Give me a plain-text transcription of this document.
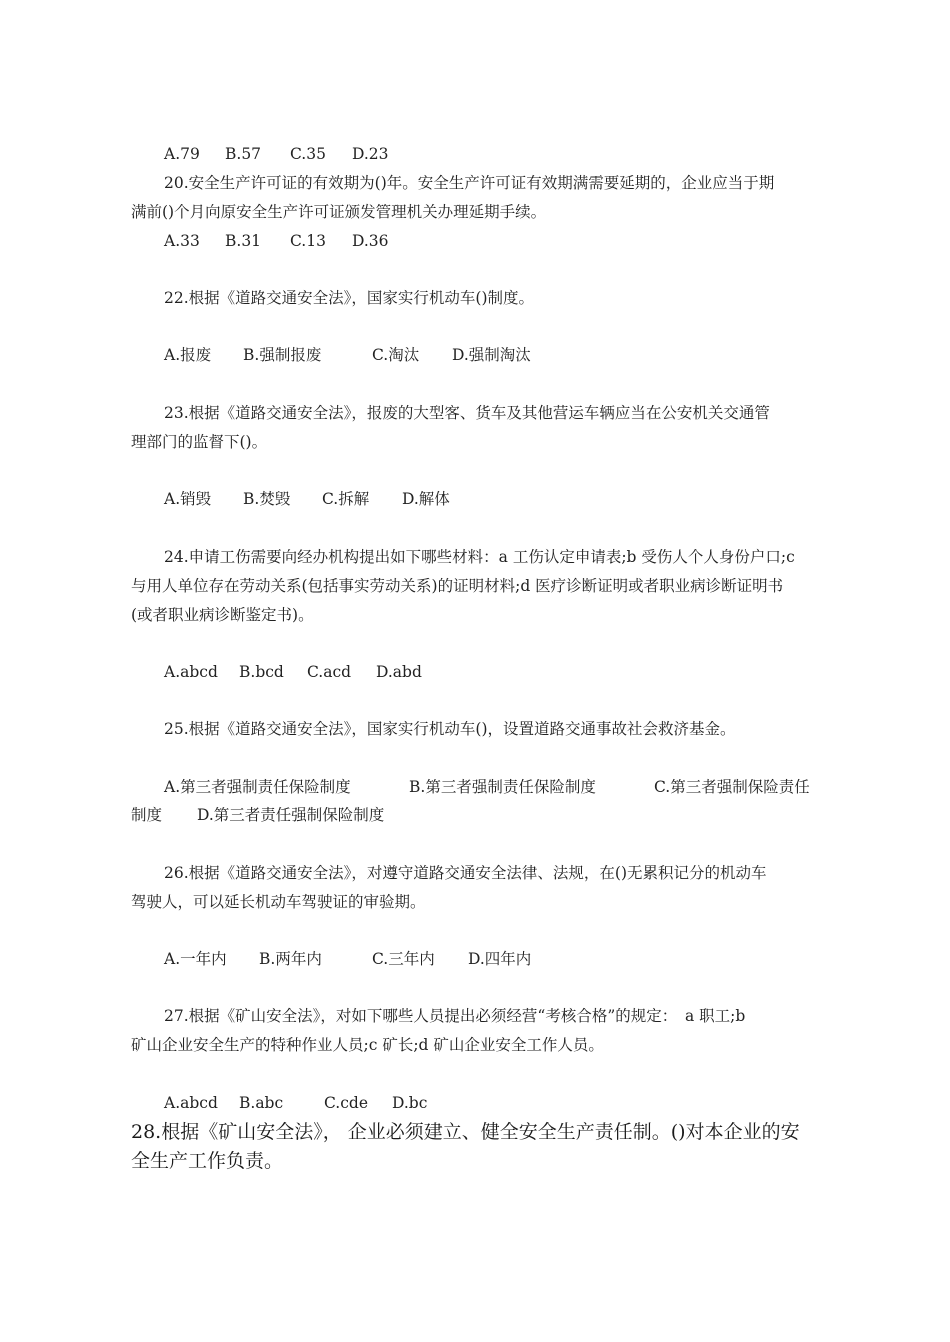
A.79 B.57 C.35 D.23
20.安全生产许可证的有效期为()年。安全生产许可证有效期满需要延期的，企业应当于期
满前()个月向原安全生产许可证颁发管理机关办理延期手续。
A.33 B.31 C.13 D.36
22.根据《道路交通安全法》，国家实行机动车()制度。
A.报废 B.强制报废	C.淘汰 D.强制淘汰
23.根据《道路交通安全法》，报废的大型客、货车及其他营运车辆应当在公安机关交通管
理部门的监督下()。
A.销毁 B.焚毁 C.拆解 D.解体
24.申请工伤需要向经办机构提出如下哪些材料：a 工伤认定申请表;b 受伤人个人身份户口;c
与用人单位存在劳动关系(包括事实劳动关系)的证明材料;d 医疗诊断证明或者职业病诊断证明书
(或者职业病诊断鉴定书)。
A.abcd B.bcd C.acd D.abd
25.根据《道路交通安全法》，国家实行机动车()，设置道路交通事故社会救济基金。
A.第三者强制责任保险制度	B.第三者强制责任保险制度	C.第三者强制保险责任
制度 D.第三者责任强制保险制度
26.根据《道路交通安全法》，对遵守道路交通安全法律、法规，在()无累积记分的机动车
驾驶人，可以延长机动车驾驶证的审验期。
A.一年内 B.两年内	C.三年内 D.四年内
27.根据《矿山安全法》，对如下哪些人员提出必须经营“考核合格”的规定：　a 职工;b
矿山企业安全生产的特种作业人员;c 矿长;d 矿山企业安全工作人员。
A.abcd B.abc	C.cde D.bc
28.根据《矿山安全法》， 企业必须建立、健全安全生产责任制。()对本企业的安
全生产工作负责。
